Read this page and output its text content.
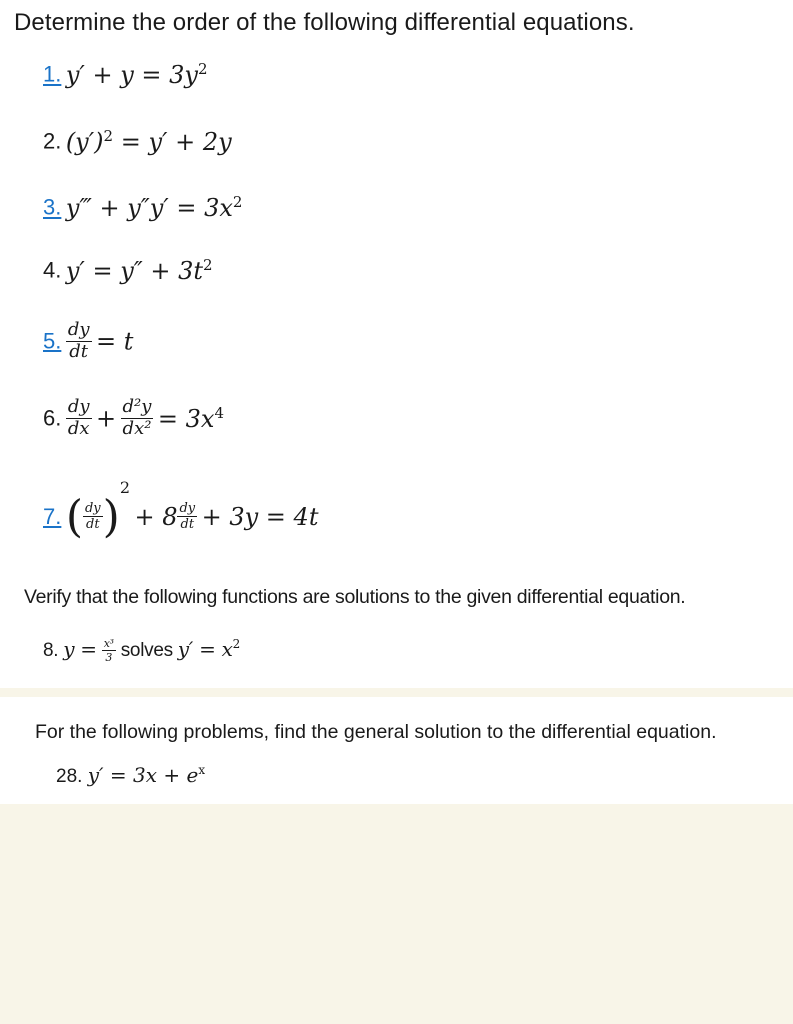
Determine the order of the following differential equations.
1. $y' + y = 3y^2$
2. $(y')^2 = y' + 2y$
3. y‴ + $y''y' = 3x^2$
4. $y' = y'' + 3t^2$
5. $\frac{dy}{dt} = t$
6. $\frac{dy}{dx} + \frac{\text{d²y}}{\text{dx²}} = 3x^4$
7. ( $\frac{dy}{dt} )2 + 8 \frac{dy}{dt} + 3y = 4t$
Verify that the following functions are solutions to the given differential equation.
8. $y = \frac{\text{x³}}{3}$ solves $y' = x^2$
For the following problems, find the general solution to the differential equation.
28. $y' = 3x + e^x$
